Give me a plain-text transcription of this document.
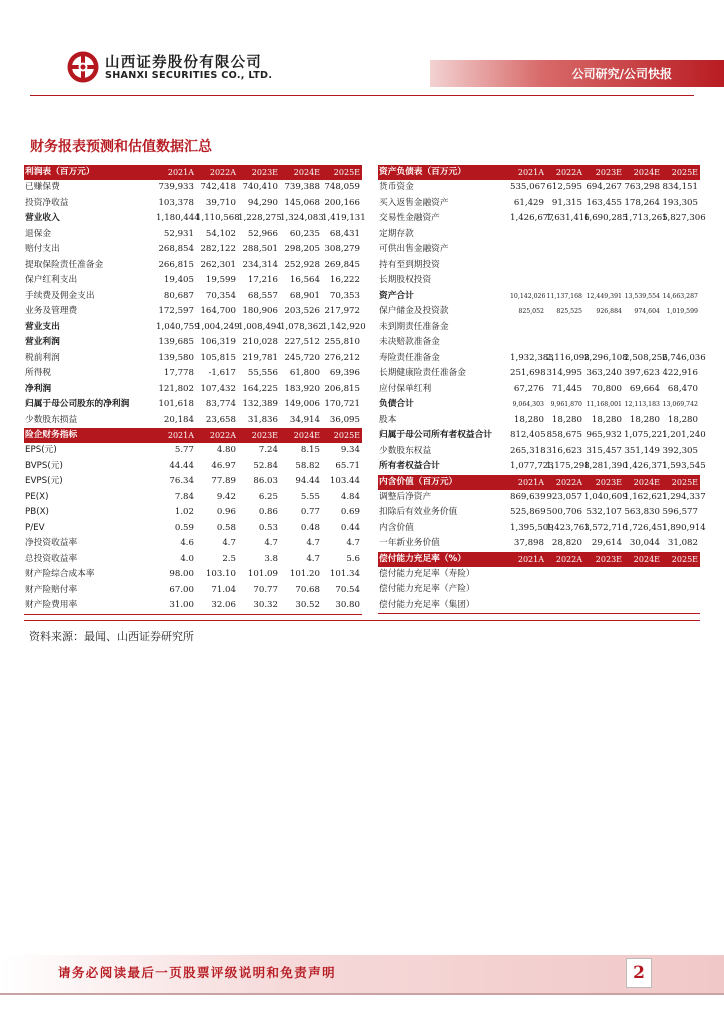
山西证券股份有限公司
SHANXI SECURITIES CO., LTD.	公司研究/公司快报
财务报表预测和估值数据汇总
利润表（百万元）	2021A	2022A	2023E	2024E	2025E
已赚保费	739,933	742,418	740,410	739,388	748,059
投资净收益	103,378	39,710	94,290	145,068	200,166
营业收入	1,180,444	1,110,568	1,228,275	1,324,083	1,419,131
退保金	52,931	54,102	52,966	60,235	68,431
赔付支出	268,854	282,122	288,501	298,205	308,279
提取保险责任准备金	266,815	262,301	234,314	252,928	269,845
保户红利支出	19,405	19,599	17,216	16,564	16,222
手续费及佣金支出	80,687	70,354	68,557	68,901	70,353
业务及管理费	172,597	164,700	180,906	203,526	217,972
营业支出	1,040,759	1,004,249	1,008,494	1,078,362	1,142,920
营业利润	139,685	106,319	210,028	227,512	255,810
税前利润	139,580	105,815	219,781	245,720	276,212
所得税	17,778	-1,617	55,556	61,800	69,396
净利润	121,802	107,432	164,225	183,920	206,815
归属于母公司股东的净利润	101,618	83,774	132,389	149,006	170,721
少数股东损益	20,184	23,658	31,836	34,914	36,095
险企财务指标	2021A	2022A	2023E	2024E	2025E
EPS(元)	5.77	4.80	7.24	8.15	9.34
BVPS(元)	44.44	46.97	52.84	58.82	65.71
EVPS(元)	76.34	77.89	86.03	94.44	103.44
PE(X)	7.84	9.42	6.25	5.55	4.84
PB(X)	1.02	0.96	0.86	0.77	0.69
P/EV	0.59	0.58	0.53	0.48	0.44
净投资收益率	4.6	4.7	4.7	4.7	4.7
总投资收益率	4.0	2.5	3.8	4.7	5.6
财产险综合成本率	98.00	103.10	101.09	101.20	101.34
财产险赔付率	67.00	71.04	70.77	70.68	70.54
财产险费用率	31.00	32.06	30.32	30.52	30.80
资产负债表（百万元）	2021A	2022A	2023E	2024E	2025E
货币资金	535,067	612,595	694,267	763,298	834,151
买入返售金融资产	61,429	91,315	163,455	178,264	193,305
交易性金融资产	1,426,677	1,631,416	1,690,285	1,713,265	1,827,306
定期存款					
可供出售金融资产					
持有至到期投资					
长期股权投资					
资产合计	10,142,026	11,137,168	12,449,391	13,539,554	14,663,287
保户储金及投资款	825,052	825,525	926,884	974,604	1,019,599
未到期责任准备金					
未决赔款准备金					
寿险责任准备金	1,932,383	2,116,098	2,296,108	2,508,256	2,746,036
长期健康险责任准备金	251,698	314,995	363,240	397,623	422,916
应付保单红利	67,276	71,445	70,800	69,664	68,470
负债合计	9,064,303	9,961,870	11,168,001	12,113,183	13,069,742
股本	18,280	18,280	18,280	18,280	18,280
归属于母公司所有者权益合计	812,405	858,675	965,932	1,075,221	1,201,240
少数股东权益	265,318	316,623	315,457	351,149	392,305
所有者权益合计	1,077,723	1,175,298	1,281,390	1,426,371	1,593,545
内含价值（百万元）	2021A	2022A	2023E	2024E	2025E
调整后净资产	869,639	923,057	1,040,609	1,162,621	1,294,337
扣除后有效业务价值	525,869	500,706	532,107	563,830	596,577
内含价值	1,395,509	1,423,763	1,572,716	1,726,451	1,890,914
一年新业务价值	37,898	28,820	29,614	30,044	31,082
偿付能力充足率（%）	2021A	2022A	2023E	2024E	2025E
偿付能力充足率（寿险）					
偿付能力充足率（产险）					
偿付能力充足率（集团）					
资料来源：最闻、山西证券研究所
请务必阅读最后一页股票评级说明和免责声明	2
